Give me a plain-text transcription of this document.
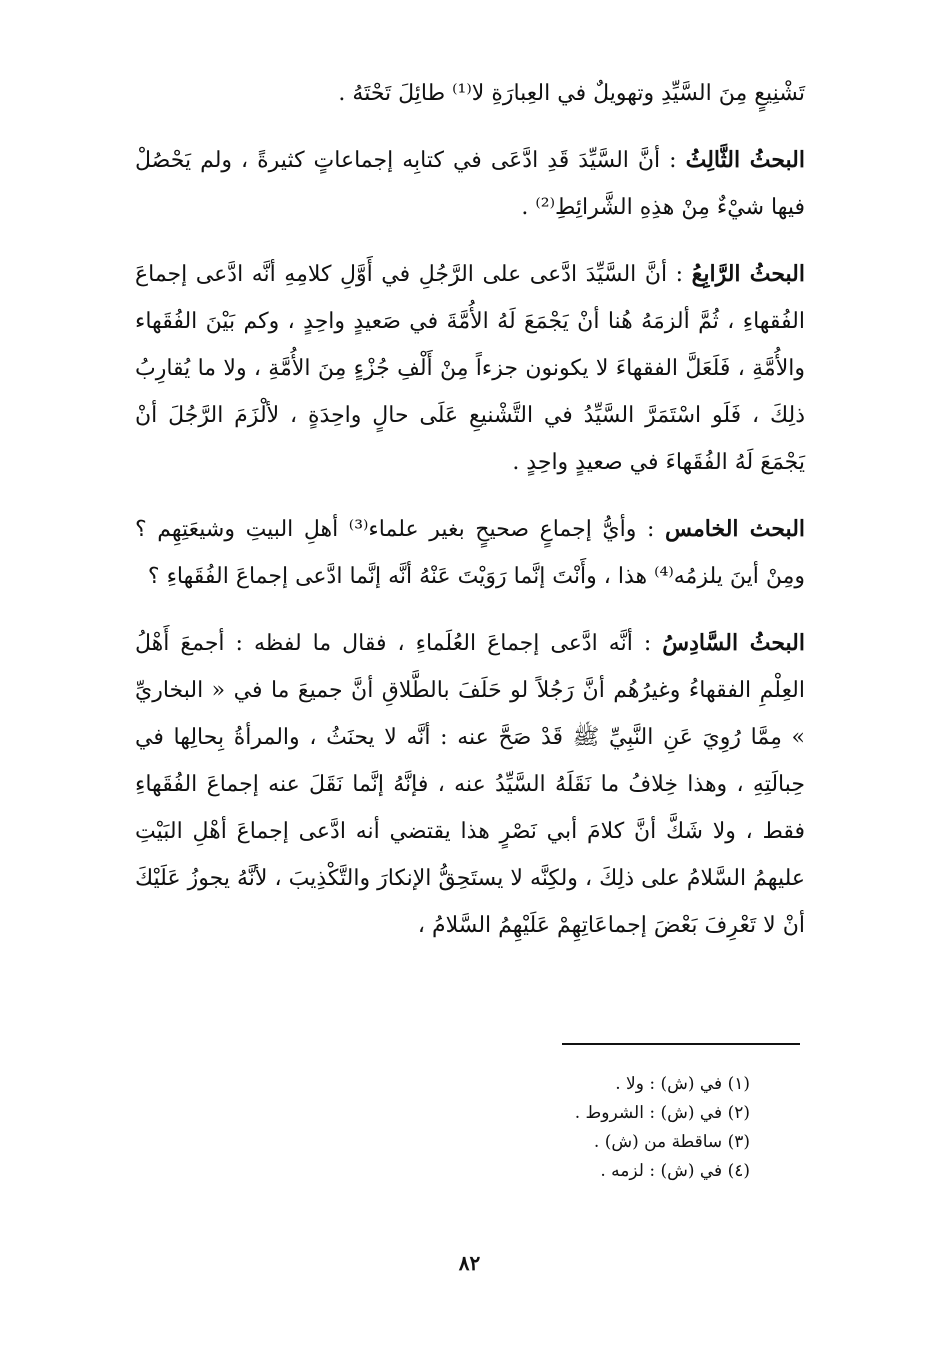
تَشْنِيعٍ مِنَ السَّيِّدِ وتهويلٌ في العِبارَةِ لا⁽¹⁾ طائِلَ تَحْتَهُ .

البحثُ الثَّالِثُ : أنَّ السَّيِّدَ قَدِ ادَّعَى في كتابِه إجماعاتٍ كثيرةً ، ولم يَحْصُلْ فيها شيْءٌ مِنْ هذِهِ الشَّرائِطِ⁽²⁾ .

البحثُ الرَّابِعُ : أنَّ السَّيِّدَ ادَّعى على الرَّجُلِ في أَوَّلِ كلامِهِ أنَّه ادَّعى إجماعَ الفُقهاءِ ، ثُمَّ ألزمَهُ هُنا أنْ يَجْمَعَ لَهُ الأُمَّةَ في صَعيدٍ واحِدٍ ، وكم بَيْنَ الفُقَهاء والأُمَّةِ ، فَلَعَلَّ الفقهاءَ لا يكونون جزءاً مِنْ أَلْفِ جُزْءٍ مِنَ الأُمَّةِ ، ولا ما يُقارِبُ ذلِكَ ، فَلَو اسْتَمَرَّ السَّيِّدُ في التَّشْنيعِ عَلَى حالٍ واحِدَةٍ ، لألْزَمَ الرَّجُلَ أنْ يَجْمَعَ لَهُ الفُقَهاءَ في صعيدٍ واحِدٍ .

البحث الخامس : وأيُّ إجماعٍ صحيحٍ بغير علماء⁽³⁾ أهلِ البيتِ وشيعَتِهِم ؟ ومِنْ أينَ يلزمُه⁽⁴⁾ هذا ، وأَنْتَ إنَّما رَوَيْتَ عَنْهُ أنَّه إنَّما ادَّعى إجماعَ الفُقَهاءِ ؟

البحثُ السَّادِسُ : أنَّه ادَّعى إجماعَ العُلَماءِ ، فقال ما لفظه : أجمعَ أَهْلُ العِلْمِ الفقهاءُ وغيرُهُم أنَّ رَجُلاً لو حَلَفَ بالطَّلاقِ أنَّ جميعَ ما في « البخاريِّ » مِمَّا رُوِيَ عَنِ النَّبِيِّ ﷺ قَدْ صَحَّ عنه : أنَّه لا يحنَثُ ، والمرأةُ بِحالِها في حِبالَتِهِ ، وهذا خِلافُ ما نَقَلَهُ السَّيِّدُ عنه ، فإنَّهُ إنَّما نَقَلَ عنه إجماعَ الفُقَهاءِ فقط ، ولا شَكَّ أنَّ كلامَ أبي نَصْرٍ هذا يقتضي أنه ادَّعى إجماعَ أهْلِ البَيْتِ عليهمُ السَّلامُ على ذلِكَ ، ولكِنَّه لا يستَحِقُّ الإنكارَ والتَّكْذِيبَ ، لأنَّهُ يجوزُ عَلَيْكَ أنْ لا تَعْرِفَ بَعْضَ إجماعَاتِهِمْ عَلَيْهِمُ السَّلامُ ،

(١) في (ش) : ولا .

(٢) في (ش) : الشروط .

(٣) ساقطة من (ش) .

(٤) في (ش) : لزمه .

٨٢
